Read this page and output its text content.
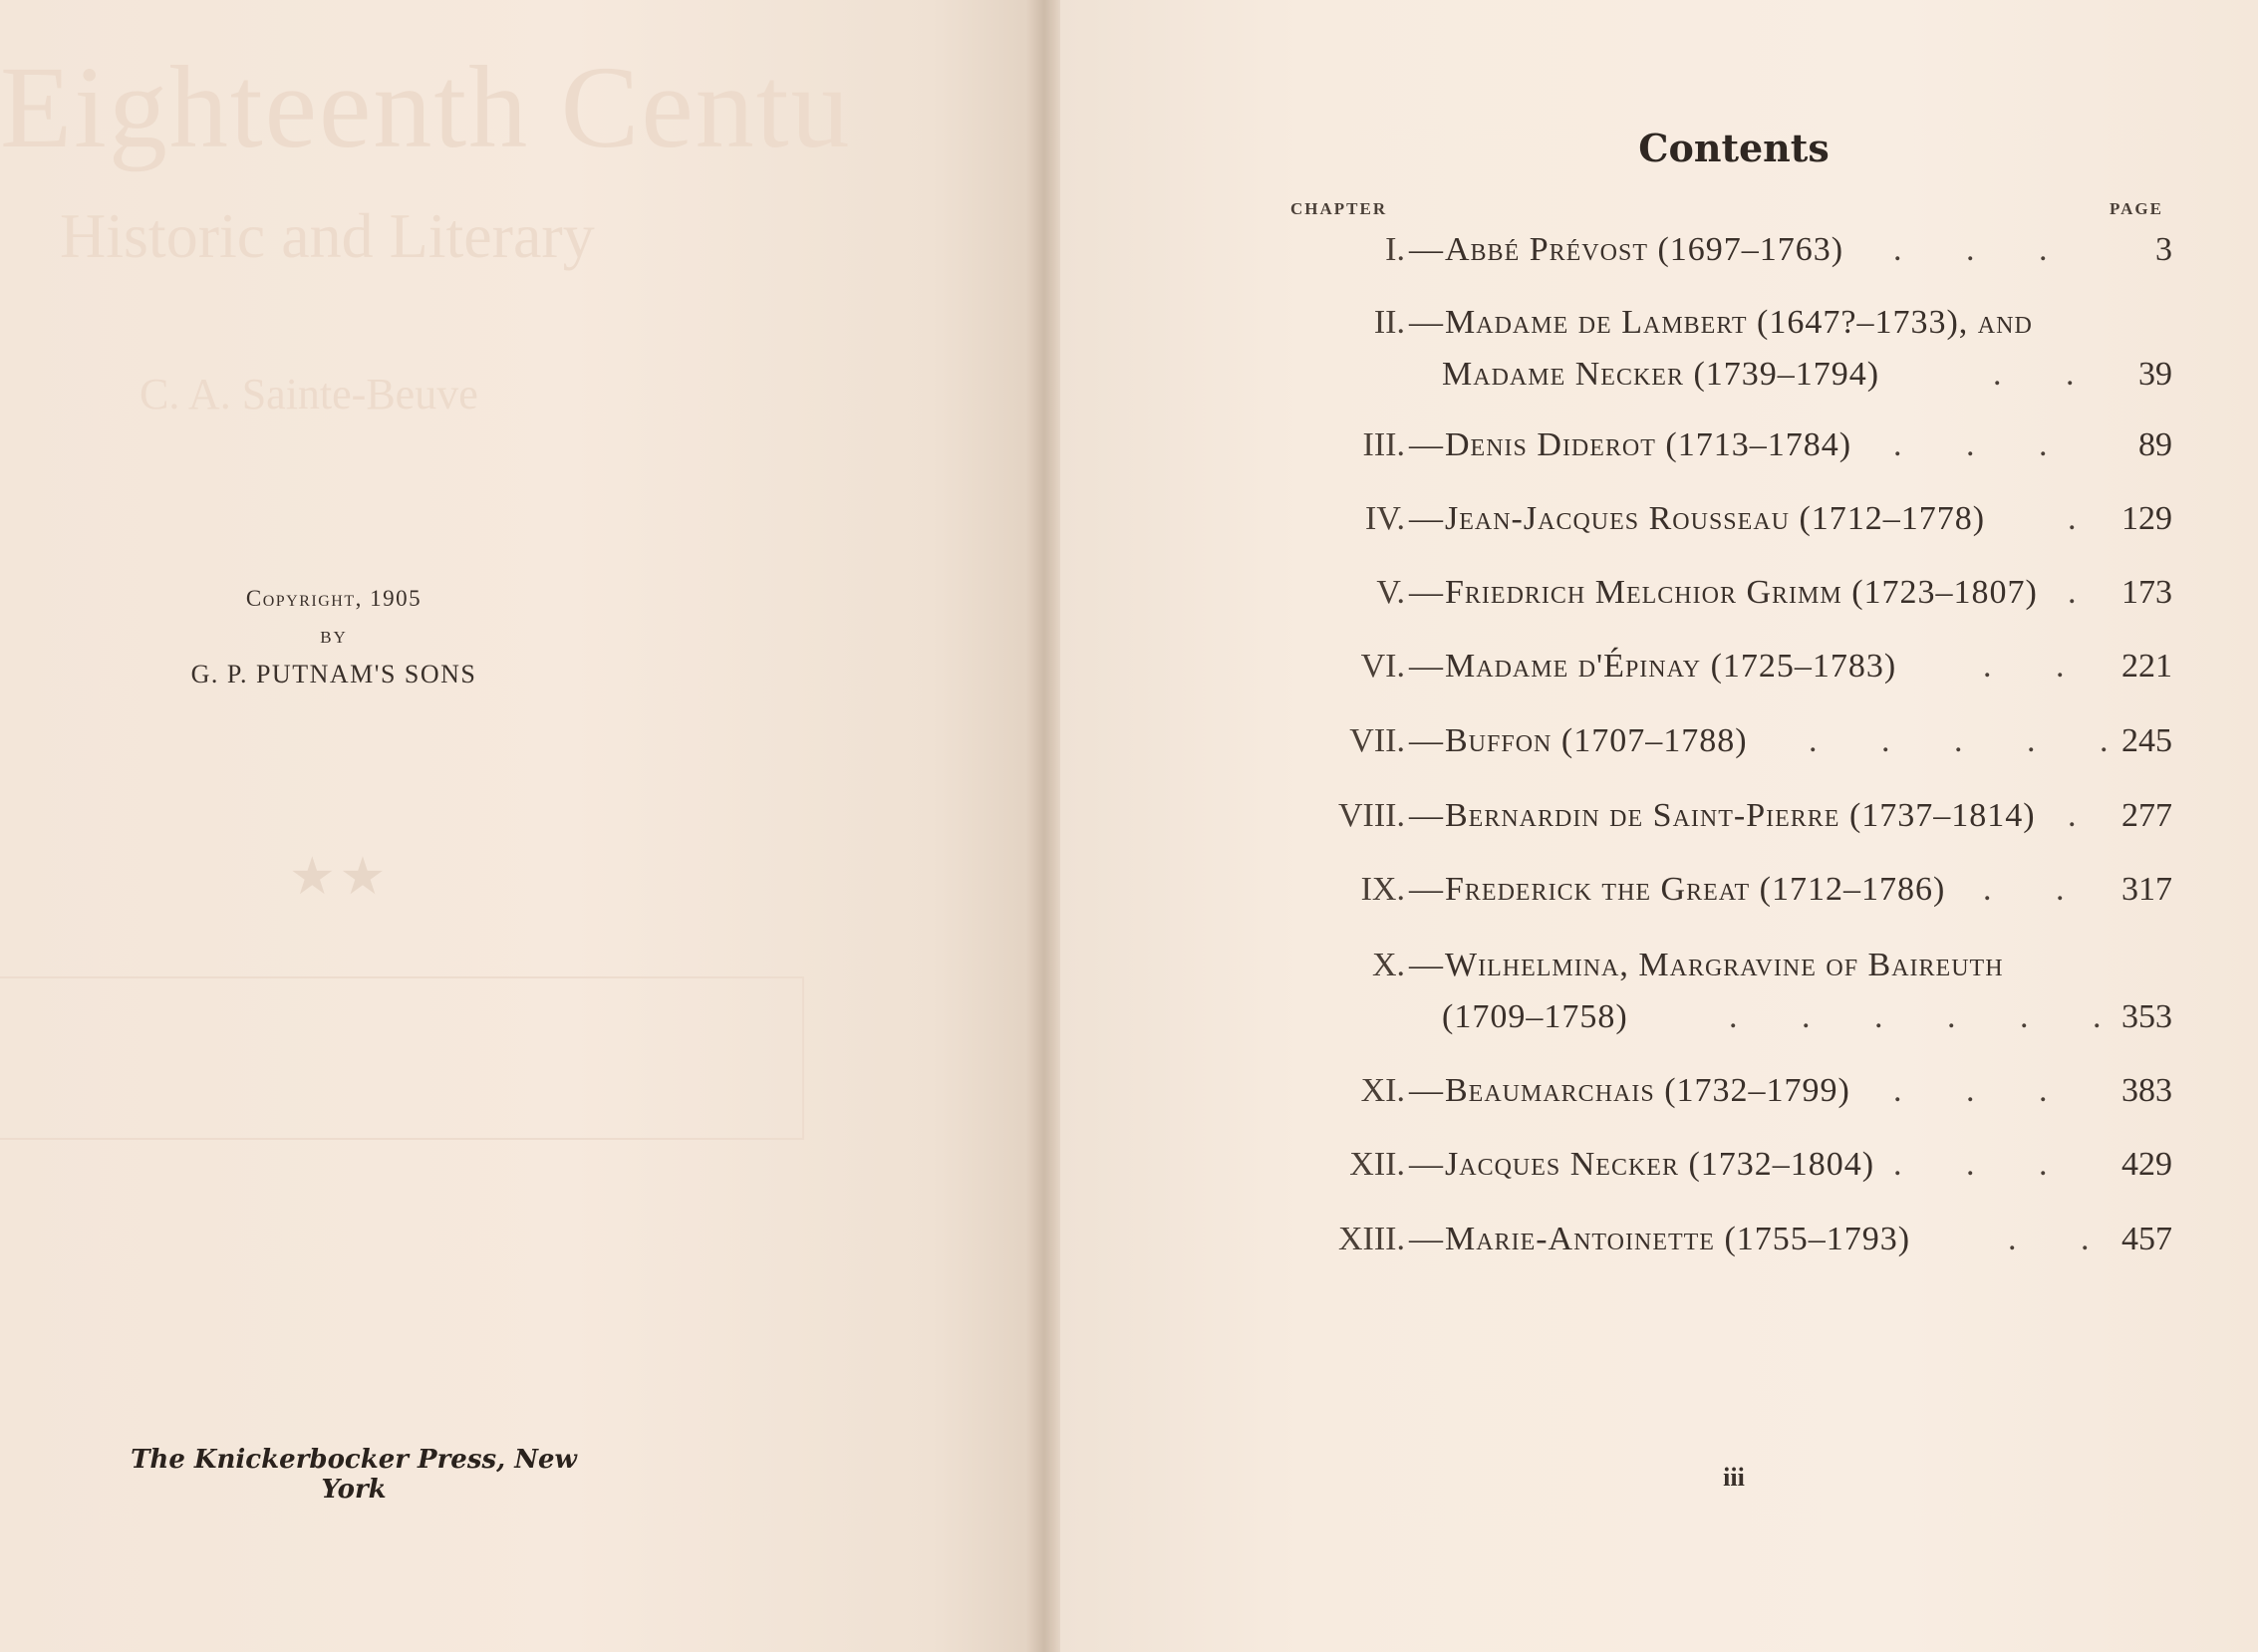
Eighteenth Centu
Historic and Literary
C. A. Sainte-Beuve
★★
Copyright, 1905
BY
G. P. PUTNAM'S SONS
The Knickerbocker Press, New York
Contents
CHAPTER	PAGE
I. Abbé Prévost (1697–1763) . . . 3
—
II. Madame de Lambert (1647?–1733), and
Madame Necker (1739–1794)	. . 39
—
III. Denis Diderot (1713–1784) . . . 89
—
IV. Jean-Jacques Rousseau (1712–1778) . 129
—
V. Friedrich Melchior Grimm (1723–1807) . 173
—
VI. Madame d'Épinay (1725–1783)	. . 221
—
VII. Buffon (1707–1788) . . . . .
245
—
VIII. Bernardin de Saint-Pierre (1737–1814) . 277
—
IX. Frederick the Great (1712–1786) . . 317
—
X. Wilhelmina, Margravine of Baireuth
(1709–1758)	. . . . . .
353
—
XI. Beaumarchais (1732–1799) . . . 383
—
XII. Jacques Necker (1732–1804) . . . 429
—
XIII. Marie-Antoinette (1755–1793)	. . 457
—
iii
